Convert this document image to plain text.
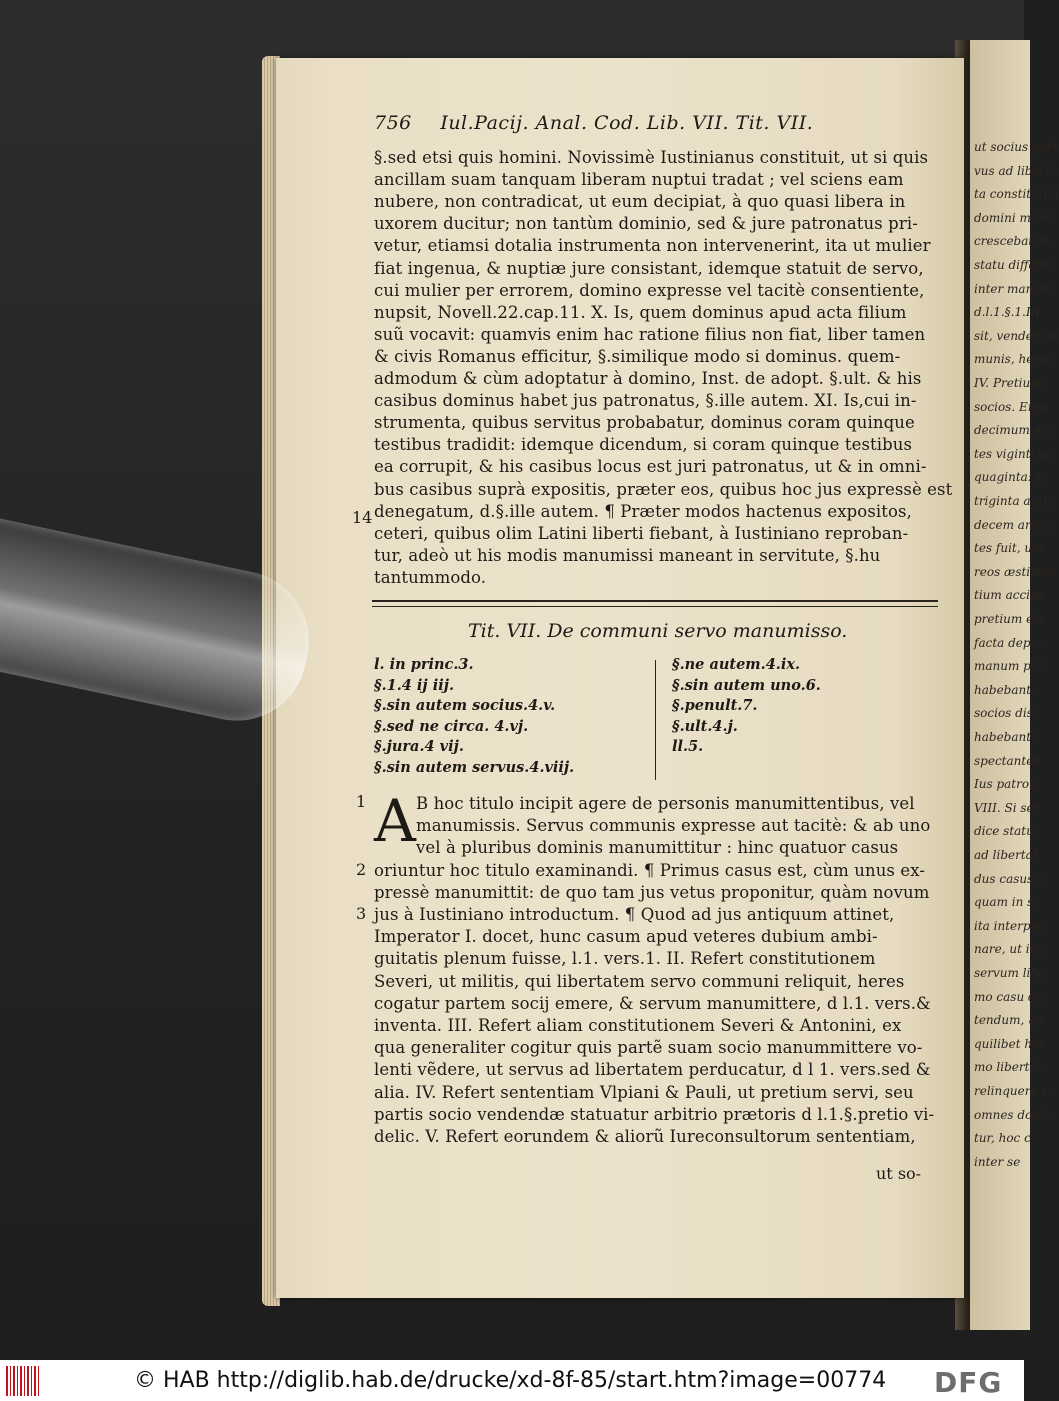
ut socius part
vus ad liberta
ta constitutun
domini manu
crescebat. d.
statu differen
inter manum
d.l.1.§.1.III
sit, vendere n
munis, heres
IV. Pretium
socios. Ergo
decimum æt
tes viginti au
quaginta: si
triginta aure
decem annis
tes fuit, usu
reos æstiman
tium accipe
pretium eis
facta depor
manum pen
habebant,
socios dist
habebant:
spectanten
Ius patron
VIII. Si ser
dice statui
ad libertat
dus casus e
quam in s
ita interpre
nare, ut ita
servum libe
mo casu dic
tendum, qu
quilibet hoc
mo libertate
relinquere vo
omnes domin
tur, hoc c
inter se
756 Iul.Pacij. Anal. Cod. Lib. VII. Tit. VII.
§.sed etsi quis homini. Novissimè Iustinianus constituit, ut si quis
ancillam suam tanquam liberam nuptui tradat ; vel sciens eam
nubere, non contradicat, ut eum decipiat, à quo quasi libera in
uxorem ducitur; non tantùm dominio, sed & jure patronatus pri-
vetur, etiamsi dotalia instrumenta non intervenerint, ita ut mulier
fiat ingenua, & nuptiæ jure consistant, idemque statuit de servo,
cui mulier per errorem, domino expresse vel tacitè consentiente,
nupsit, Novell.22.cap.11. X. Is, quem dominus apud acta filium
suũ vocavit: quamvis enim hac ratione filius non fiat, liber tamen
& civis Romanus efficitur, §.similique modo si dominus. quem-
admodum & cùm adoptatur à domino, Inst. de adopt. §.ult. & his
casibus dominus habet jus patronatus, §.ille autem. XI. Is,cui in-
strumenta, quibus servitus probabatur, dominus coram quinque
testibus tradidit: idemque dicendum, si coram quinque testibus
ea corrupit, & his casibus locus est juri patronatus, ut & in omni-
bus casibus suprà expositis, præter eos, quibus hoc jus expressè est
denegatum, d.§.ille autem. ¶ Præter modos hactenus expositos,
ceteri, quibus olim Latini liberti fiebant, à Iustiniano reproban-
tur, adeò ut his modis manumissi maneant in servitute, §.hu
tantummodo.
14
Tit. VII. De communi servo manumisso.
l. in princ.3.
§.1.4 ij iij.
§.sin autem socius.4.v.
§.sed ne circa. 4.vj.
§.jura.4 vij.
§.sin autem servus.4.viij.
§.ne autem.4.ix.
§.sin autem uno.6.
§.penult.7.
§.ult.4.j.
ll.5.
A B hoc titulo incipit agere de personis manumittentibus, vel
manumissis. Servus communis expresse aut tacitè: & ab uno
vel à pluribus dominis manumittitur : hinc quatuor casus
oriuntur hoc titulo examinandi. ¶ Primus casus est, cùm unus ex-
pressè manumittit: de quo tam jus vetus proponitur, quàm novum
jus à Iustiniano introductum. ¶ Quod ad jus antiquum attinet,
Imperator I. docet, hunc casum apud veteres dubium ambi-
guitatis plenum fuisse, l.1. vers.1. II. Refert constitutionem
Severi, ut militis, qui libertatem servo communi reliquit, heres
cogatur partem socij emere, & servum manumittere, d l.1. vers.&
inventa. III. Refert aliam constitutionem Severi & Antonini, ex
qua generaliter cogitur quis partẽ suam socio manummittere vo-
lenti vẽdere, ut servus ad libertatem perducatur, d l 1. vers.sed &
alia. IV. Refert sententiam Vlpiani & Pauli, ut pretium servi, seu
partis socio vendendæ statuatur arbitrio prætoris d l.1.§.pretio vi-
delic. V. Refert eorundem & aliorũ Iureconsultorum sententiam,
1
2
3
ut so-
© HAB http://diglib.hab.de/drucke/xd-8f-85/start.htm?image=00774 DFG
